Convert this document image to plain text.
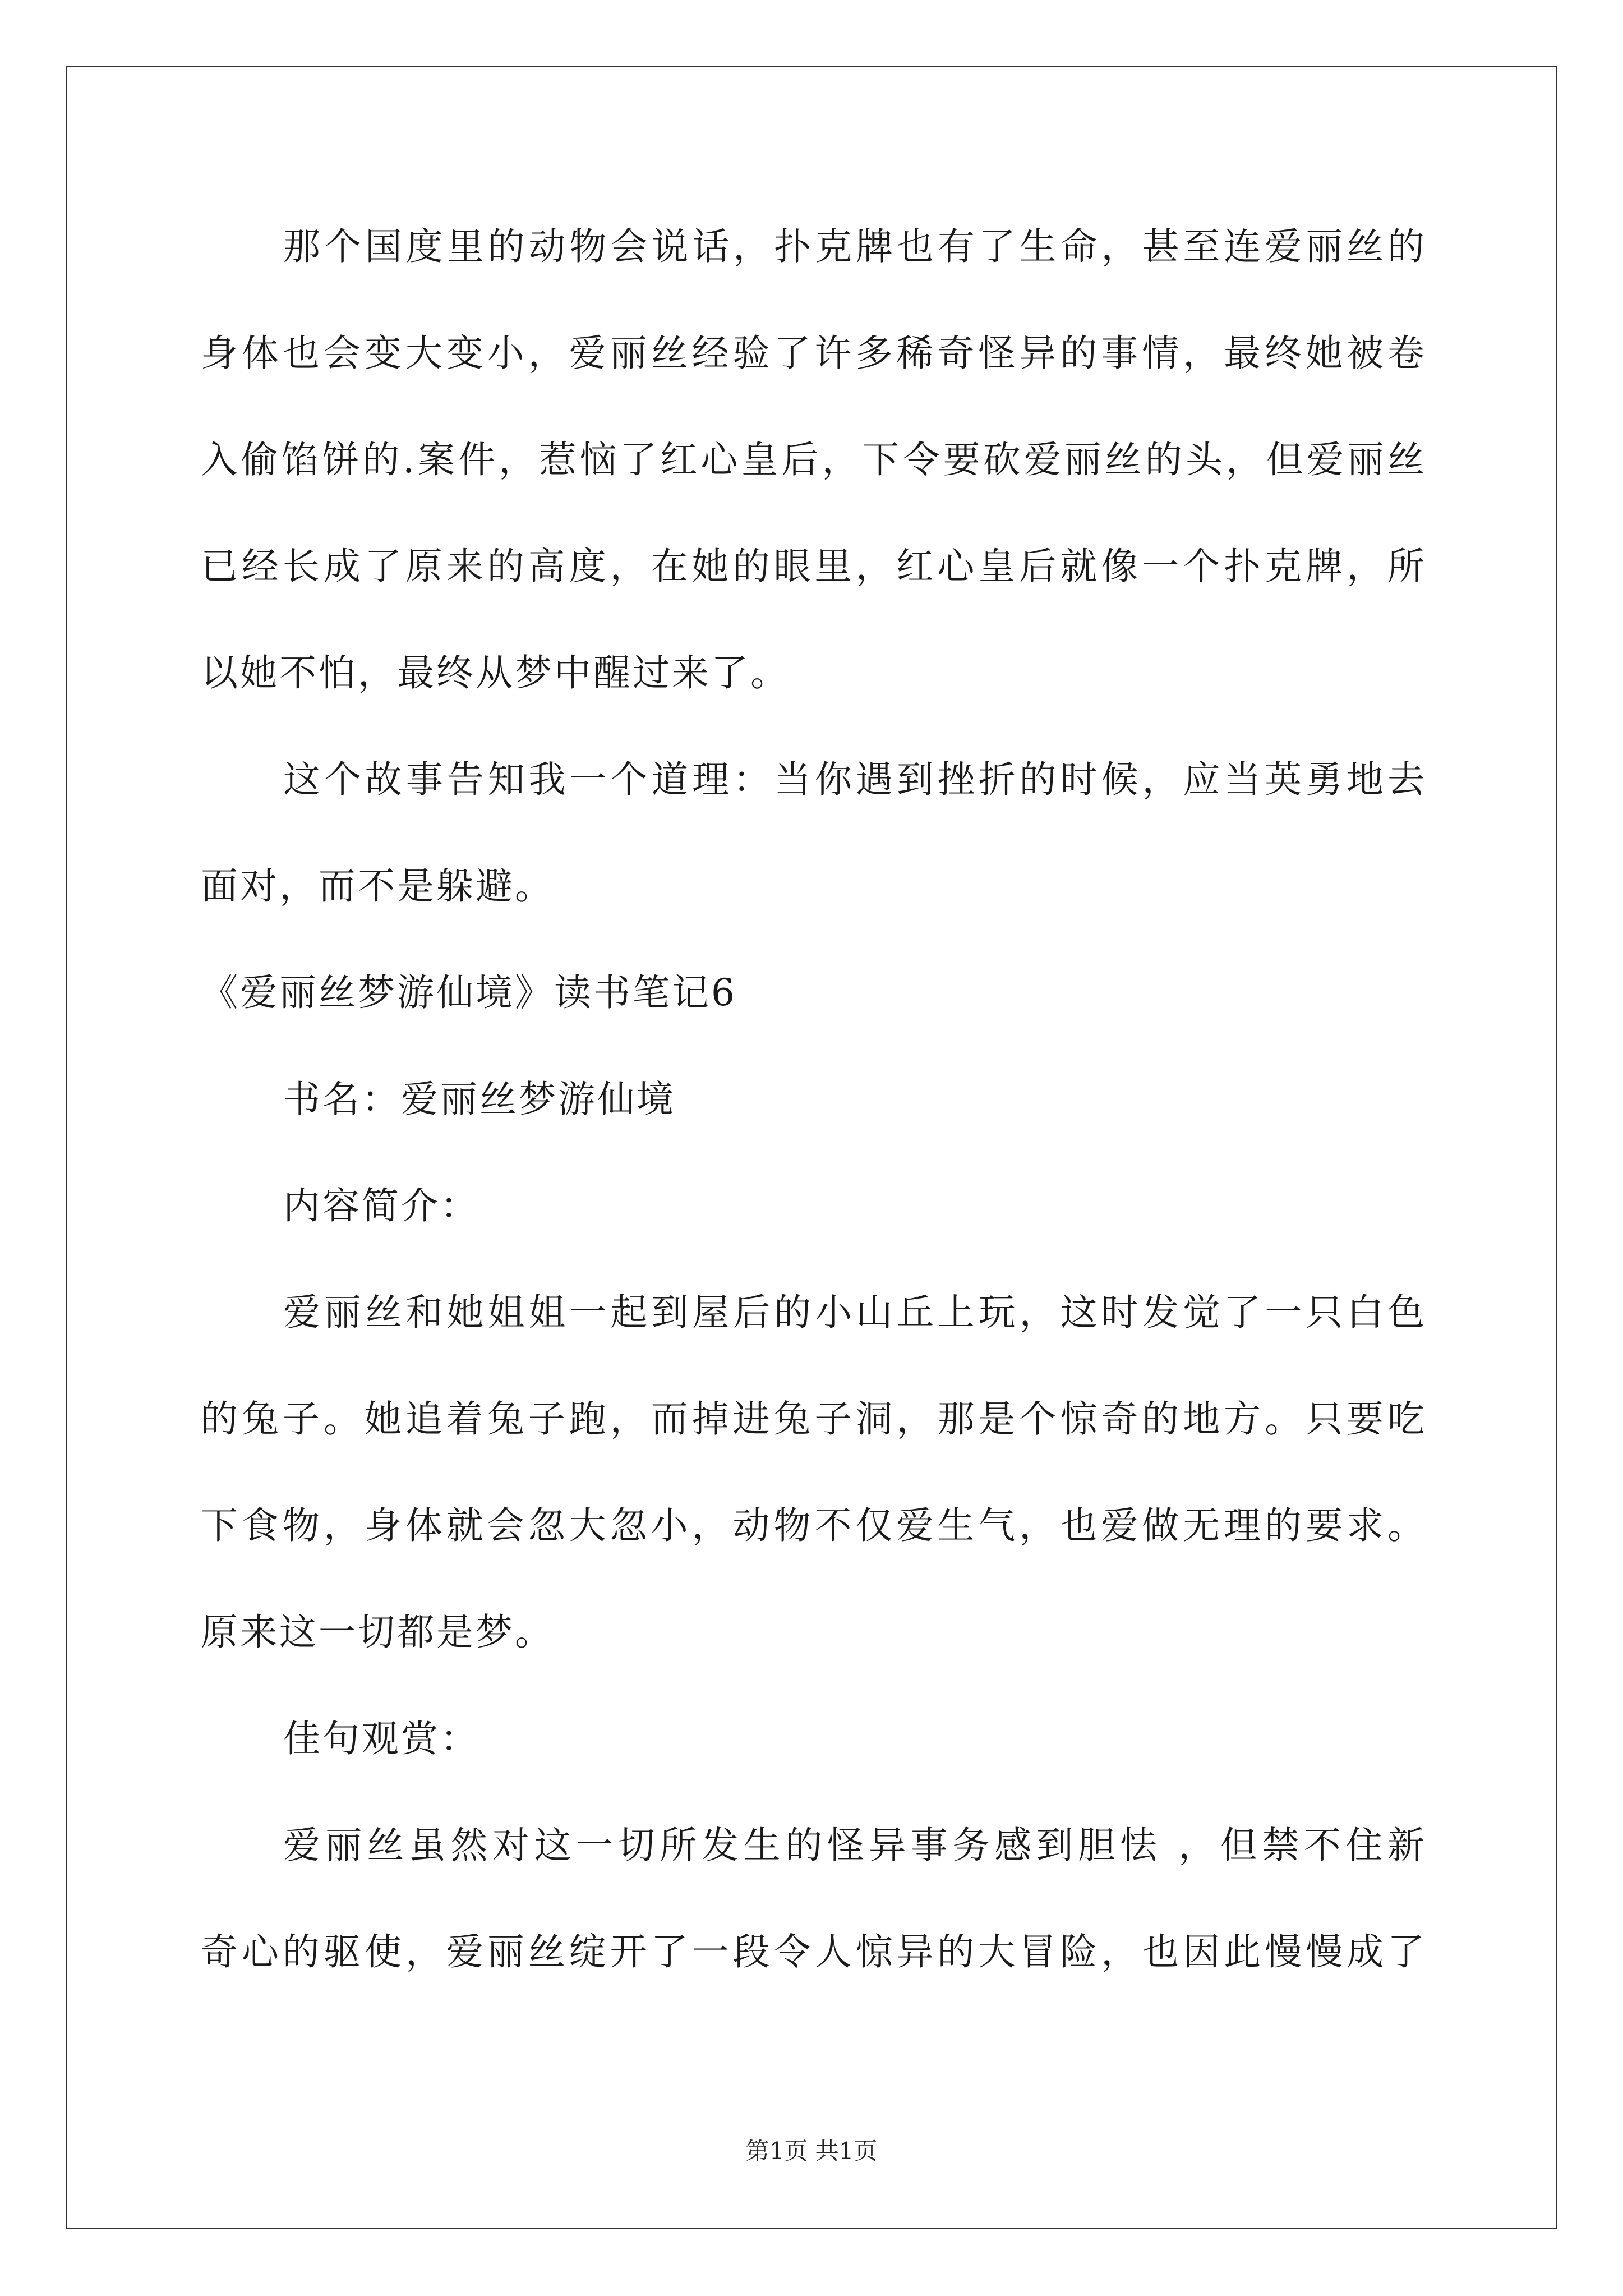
那个国度里的动物会说话，扑克牌也有了生命，甚至连爱丽丝的
身体也会变大变小，爱丽丝经验了许多稀奇怪异的事情，最终她被卷
入偷馅饼的.案件，惹恼了红心皇后，下令要砍爱丽丝的头，但爱丽丝
已经长成了原来的高度，在她的眼里，红心皇后就像一个扑克牌，所
以她不怕，最终从梦中醒过来了。
这个故事告知我一个道理：当你遇到挫折的时候，应当英勇地去
面对，而不是躲避。
《爱丽丝梦游仙境》读书笔记6
书名：爱丽丝梦游仙境
内容简介：
爱丽丝和她姐姐一起到屋后的小山丘上玩，这时发觉了一只白色
的兔子。她追着兔子跑，而掉进兔子洞，那是个惊奇的地方。只要吃
下食物，身体就会忽大忽小，动物不仅爱生气，也爱做无理的要求。
原来这一切都是梦。
佳句观赏：
爱丽丝虽然对这一切所发生的怪异事务感到胆怯 ，但禁不住新
奇心的驱使，爱丽丝绽开了一段令人惊异的大冒险，也因此慢慢成了
第1页 共1页
